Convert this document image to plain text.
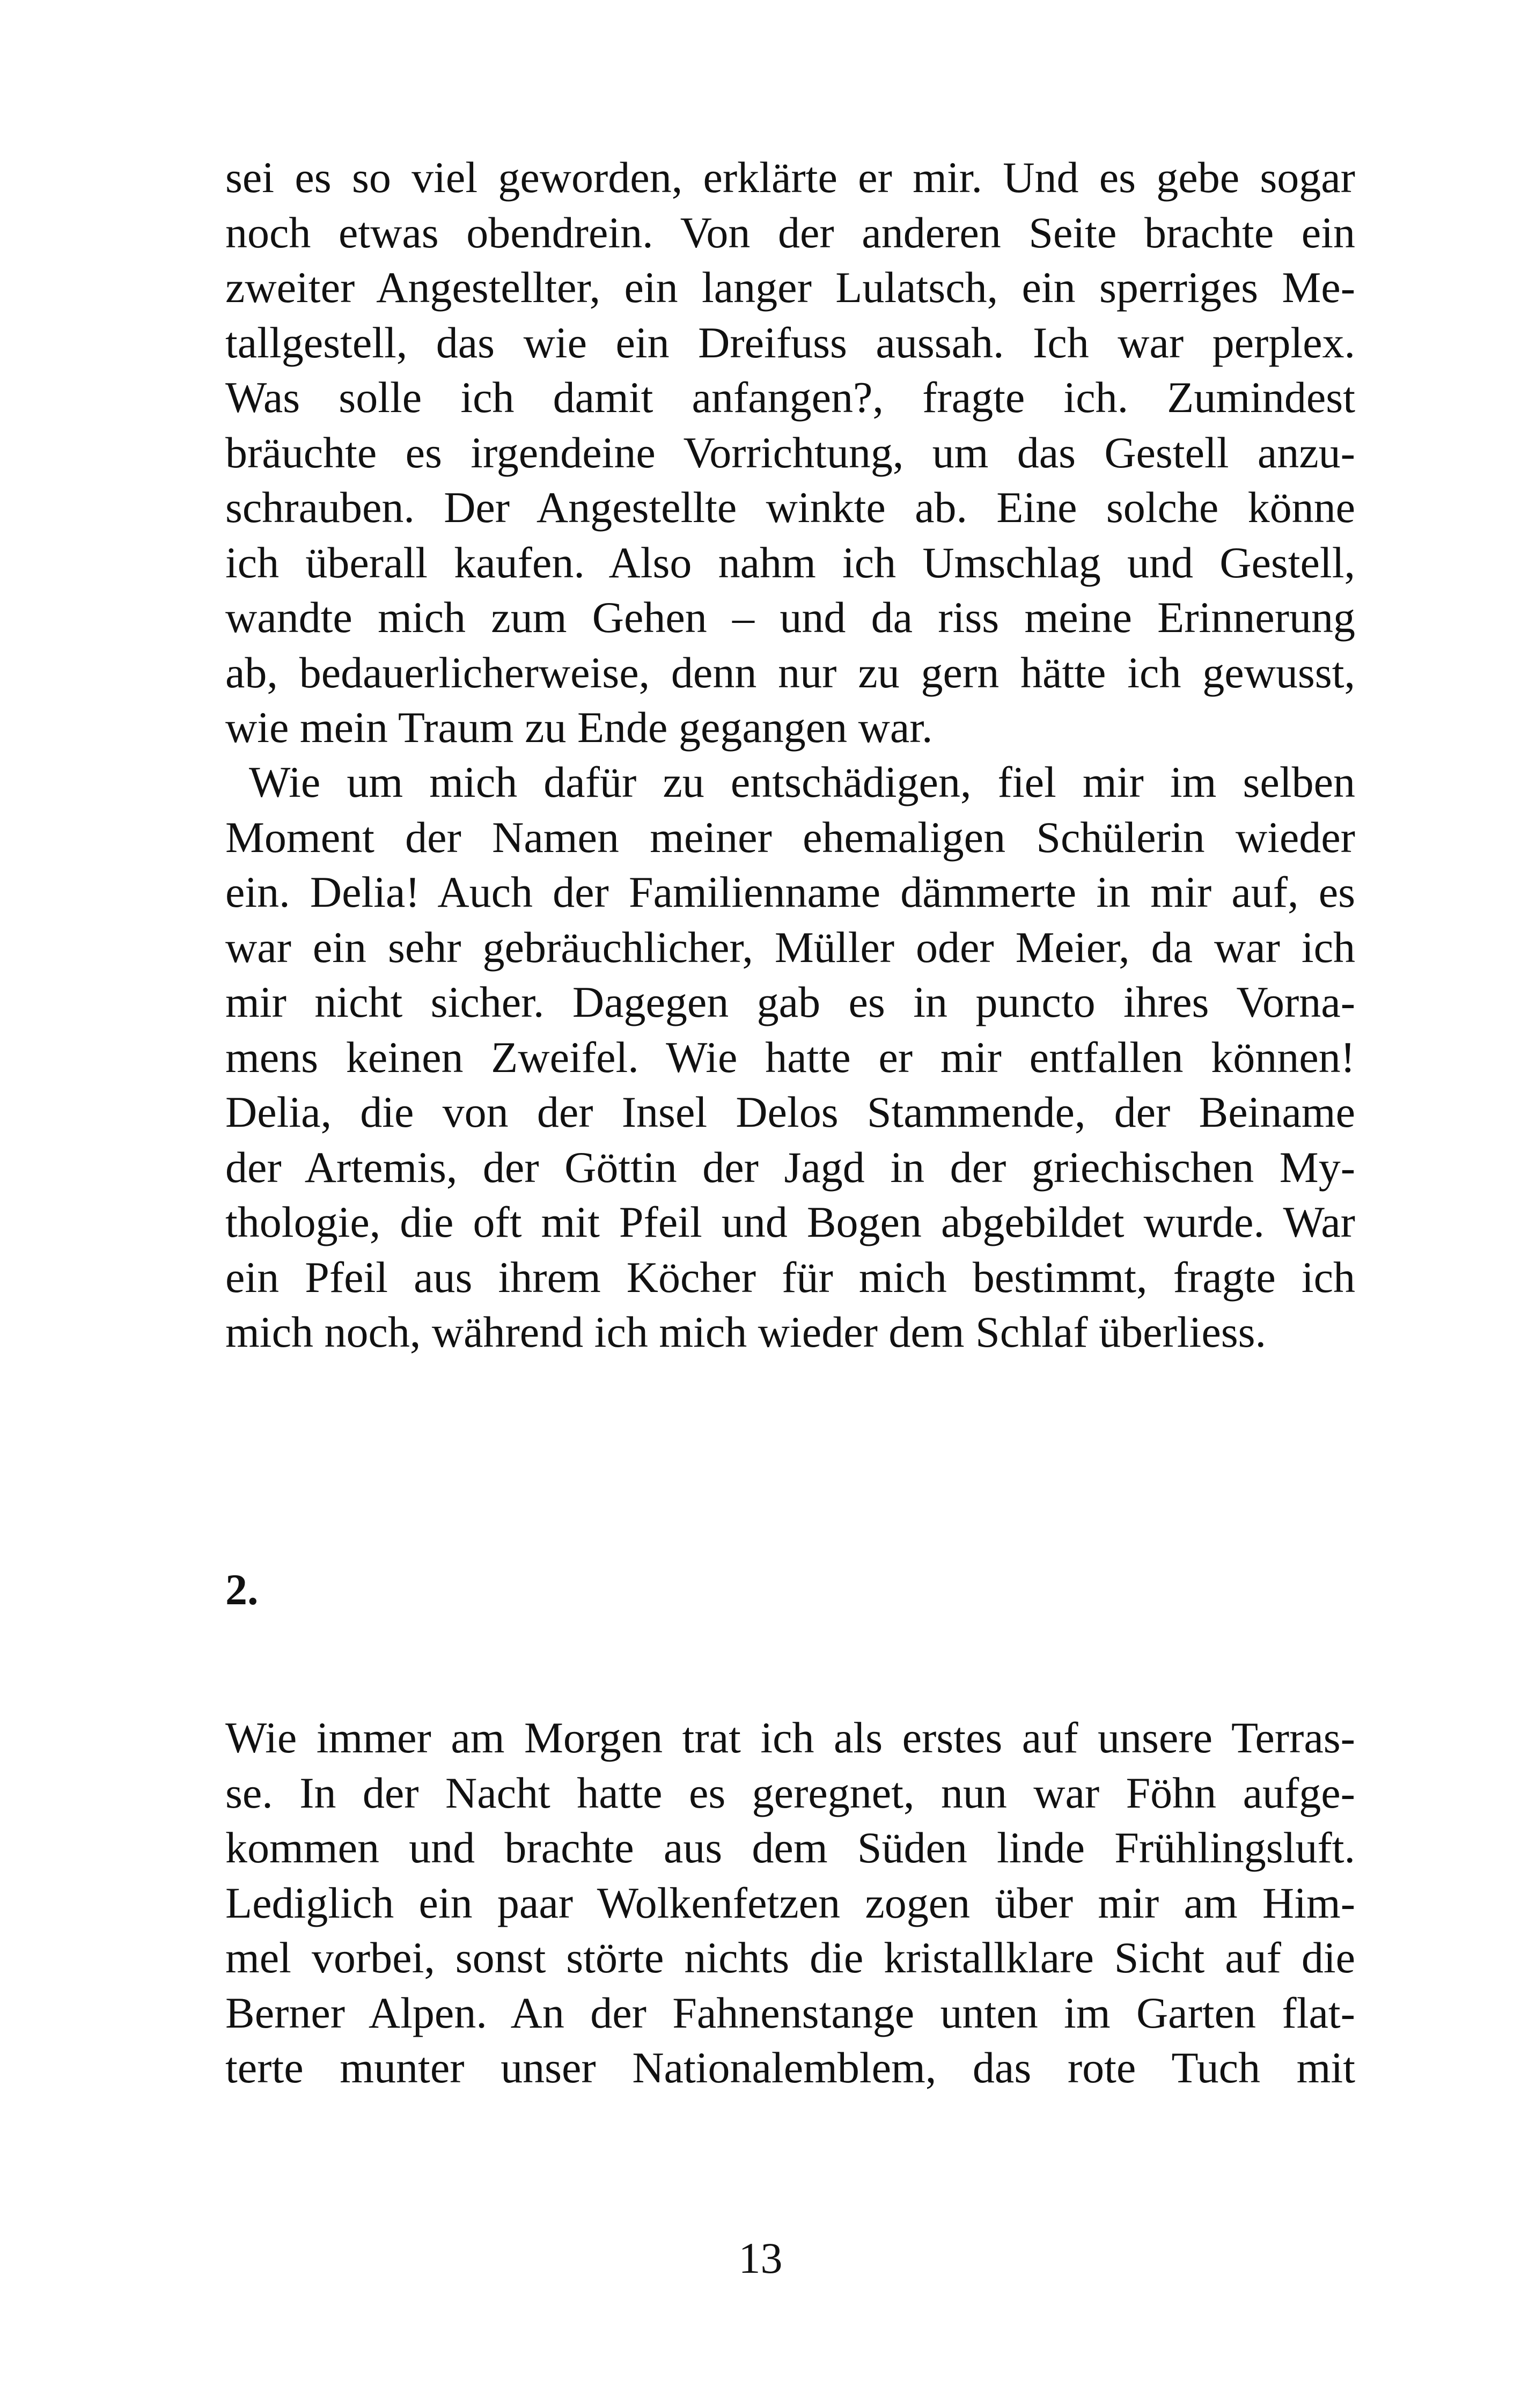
sei es so viel geworden, erklärte er mir. Und es gebe sogar
noch etwas obendrein. Von der anderen Seite brachte ein
zweiter Angestellter, ein langer Lulatsch, ein sperriges Me-
tallgestell, das wie ein Dreifuss aussah. Ich war perplex.
Was solle ich damit anfangen?, fragte ich. Zumindest
bräuchte es irgendeine Vorrichtung, um das Gestell anzu-
schrauben. Der Angestellte winkte ab. Eine solche könne
ich überall kaufen. Also nahm ich Umschlag und Gestell,
wandte mich zum Gehen – und da riss meine Erinnerung
ab, bedauerlicherweise, denn nur zu gern hätte ich gewusst,
wie mein Traum zu Ende gegangen war.
Wie um mich dafür zu entschädigen, fiel mir im selben
Moment der Namen meiner ehemaligen Schülerin wieder
ein. Delia! Auch der Familienname dämmerte in mir auf, es
war ein sehr gebräuchlicher, Müller oder Meier, da war ich
mir nicht sicher. Dagegen gab es in puncto ihres Vorna-
mens keinen Zweifel. Wie hatte er mir entfallen können!
Delia, die von der Insel Delos Stammende, der Beiname
der Artemis, der Göttin der Jagd in der griechischen My-
thologie, die oft mit Pfeil und Bogen abgebildet wurde. War
ein Pfeil aus ihrem Köcher für mich bestimmt, fragte ich
mich noch, während ich mich wieder dem Schlaf überliess.
2.
Wie immer am Morgen trat ich als erstes auf unsere Terras-
se. In der Nacht hatte es geregnet, nun war Föhn aufge-
kommen und brachte aus dem Süden linde Frühlingsluft.
Lediglich ein paar Wolkenfetzen zogen über mir am Him-
mel vorbei, sonst störte nichts die kristallklare Sicht auf die
Berner Alpen. An der Fahnenstange unten im Garten flat-
terte munter unser Nationalemblem, das rote Tuch mit
13
